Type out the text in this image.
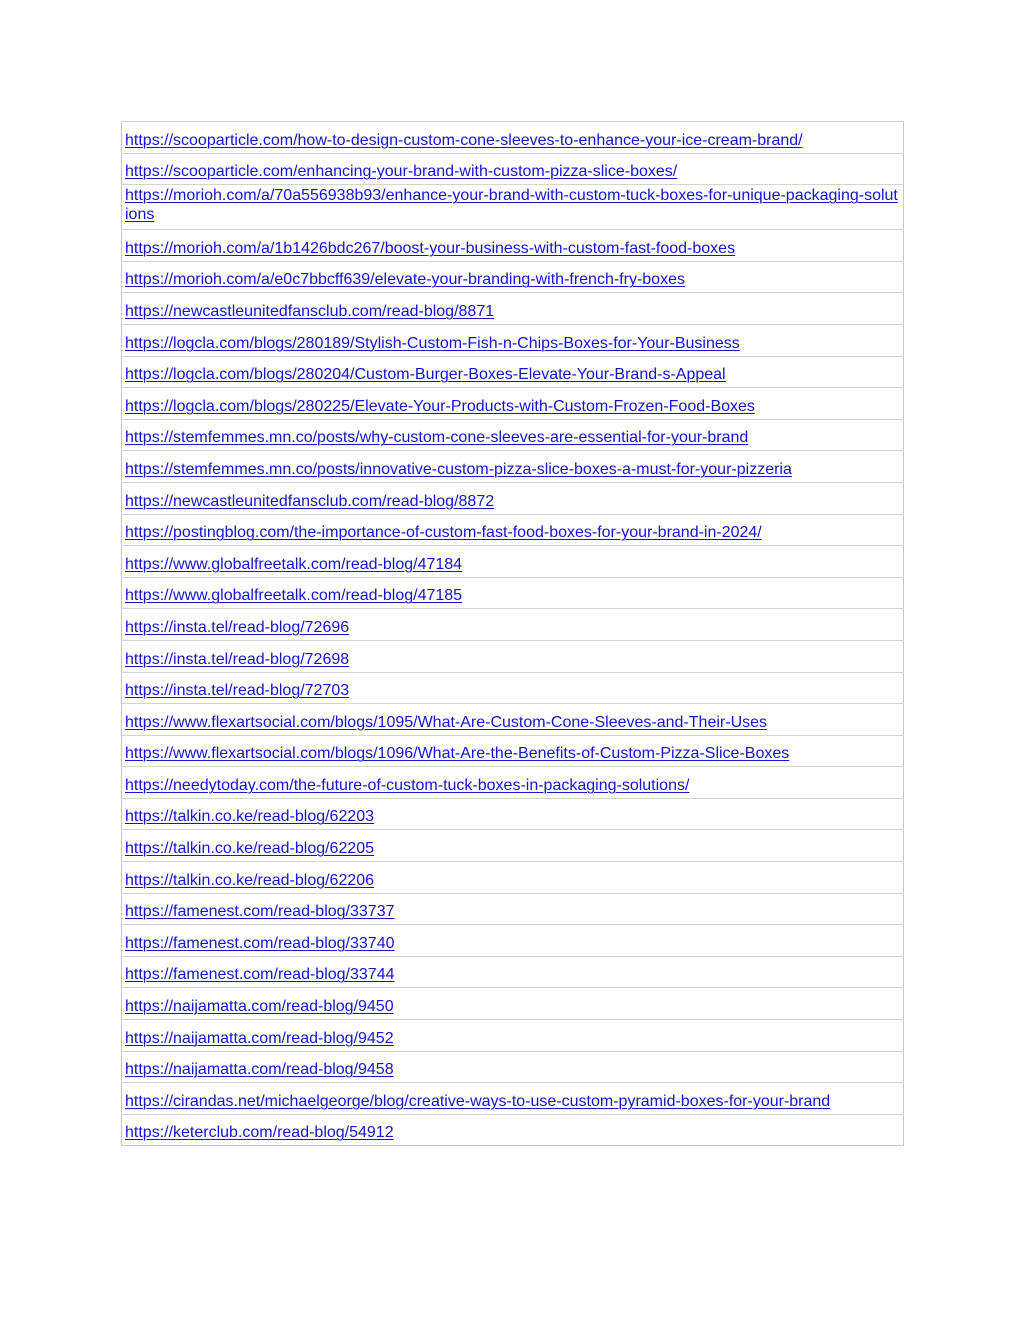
https://scooparticle.com/how-to-design-custom-cone-sleeves-to-enhance-your-ice-cream-brand/
https://scooparticle.com/enhancing-your-brand-with-custom-pizza-slice-boxes/
https://morioh.com/a/70a556938b93/enhance-your-brand-with-custom-tuck-boxes-for-unique-packaging-solutions
https://morioh.com/a/1b1426bdc267/boost-your-business-with-custom-fast-food-boxes
https://morioh.com/a/e0c7bbcff639/elevate-your-branding-with-french-fry-boxes
https://newcastleunitedfansclub.com/read-blog/8871
https://logcla.com/blogs/280189/Stylish-Custom-Fish-n-Chips-Boxes-for-Your-Business
https://logcla.com/blogs/280204/Custom-Burger-Boxes-Elevate-Your-Brand-s-Appeal
https://logcla.com/blogs/280225/Elevate-Your-Products-with-Custom-Frozen-Food-Boxes
https://stemfemmes.mn.co/posts/why-custom-cone-sleeves-are-essential-for-your-brand
https://stemfemmes.mn.co/posts/innovative-custom-pizza-slice-boxes-a-must-for-your-pizzeria
https://newcastleunitedfansclub.com/read-blog/8872
https://postingblog.com/the-importance-of-custom-fast-food-boxes-for-your-brand-in-2024/
https://www.globalfreetalk.com/read-blog/47184
https://www.globalfreetalk.com/read-blog/47185
https://insta.tel/read-blog/72696
https://insta.tel/read-blog/72698
https://insta.tel/read-blog/72703
https://www.flexartsocial.com/blogs/1095/What-Are-Custom-Cone-Sleeves-and-Their-Uses
https://www.flexartsocial.com/blogs/1096/What-Are-the-Benefits-of-Custom-Pizza-Slice-Boxes
https://needytoday.com/the-future-of-custom-tuck-boxes-in-packaging-solutions/
https://talkin.co.ke/read-blog/62203
https://talkin.co.ke/read-blog/62205
https://talkin.co.ke/read-blog/62206
https://famenest.com/read-blog/33737
https://famenest.com/read-blog/33740
https://famenest.com/read-blog/33744
https://naijamatta.com/read-blog/9450
https://naijamatta.com/read-blog/9452
https://naijamatta.com/read-blog/9458
https://cirandas.net/michaelgeorge/blog/creative-ways-to-use-custom-pyramid-boxes-for-your-brand
https://keterclub.com/read-blog/54912
